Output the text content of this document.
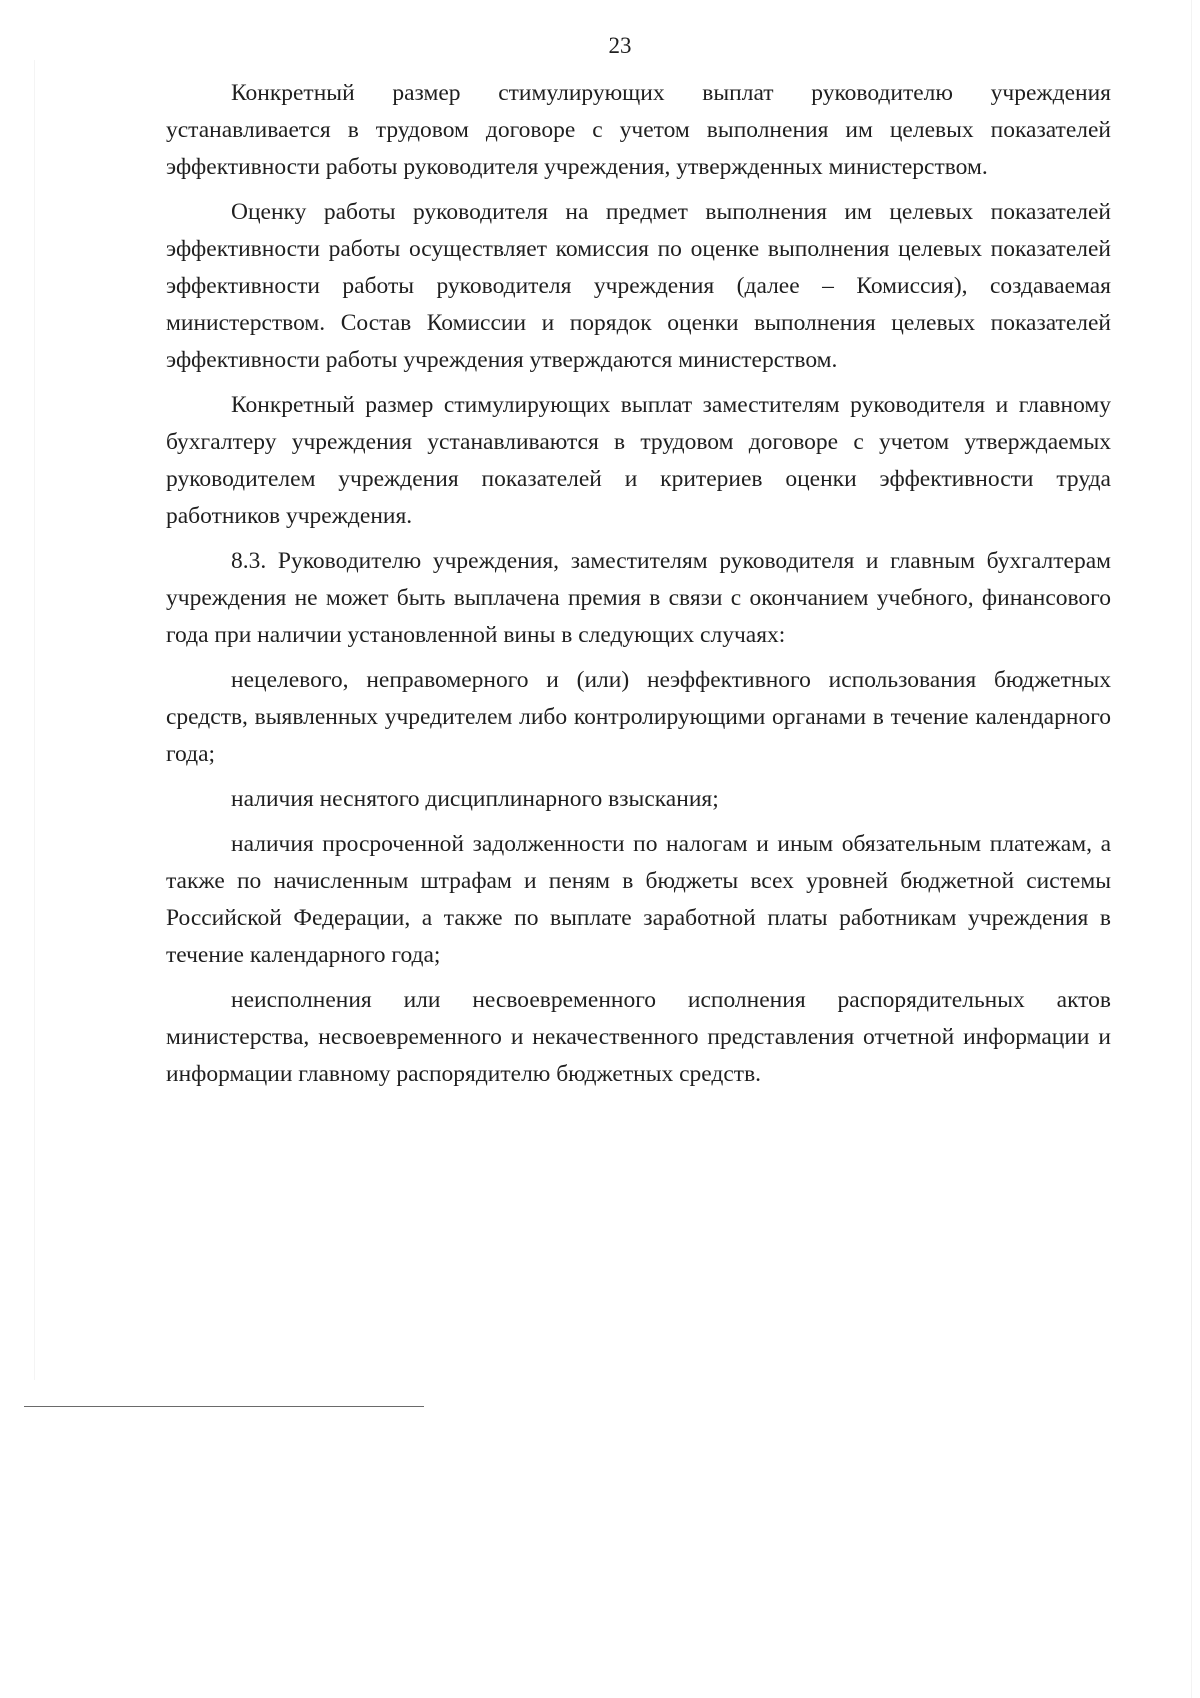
23

Конкретный размер стимулирующих выплат руководителю учреждения устанавливается в трудовом договоре с учетом выполнения им целевых показателей эффективности работы руководителя учреждения, утвержденных министерством.

Оценку работы руководителя на предмет выполнения им целевых показателей эффективности работы осуществляет комиссия по оценке выполнения целевых показателей эффективности работы руководителя учреждения (далее – Комиссия), создаваемая министерством. Состав Комиссии и порядок оценки выполнения целевых показателей эффективности работы учреждения утверждаются министерством.

Конкретный размер стимулирующих выплат заместителям руководителя и главному бухгалтеру учреждения устанавливаются в трудовом договоре с учетом утверждаемых руководителем учреждения показателей и критериев оценки эффективности труда работников учреждения.

8.3. Руководителю учреждения, заместителям руководителя и главным бухгалтерам учреждения не может быть выплачена премия в связи с окончанием учебного, финансового года при наличии установленной вины в следующих случаях:

нецелевого, неправомерного и (или) неэффективного использования бюджетных средств, выявленных учредителем либо контролирующими органами в течение календарного года;

наличия неснятого дисциплинарного взыскания;

наличия просроченной задолженности по налогам и иным обязательным платежам, а также по начисленным штрафам и пеням в бюджеты всех уровней бюджетной системы Российской Федерации, а также по выплате заработной платы работникам учреждения в течение календарного года;

неисполнения или несвоевременного исполнения распорядительных актов министерства, несвоевременного и некачественного представления отчетной информации и информации главному распорядителю бюджетных средств.
